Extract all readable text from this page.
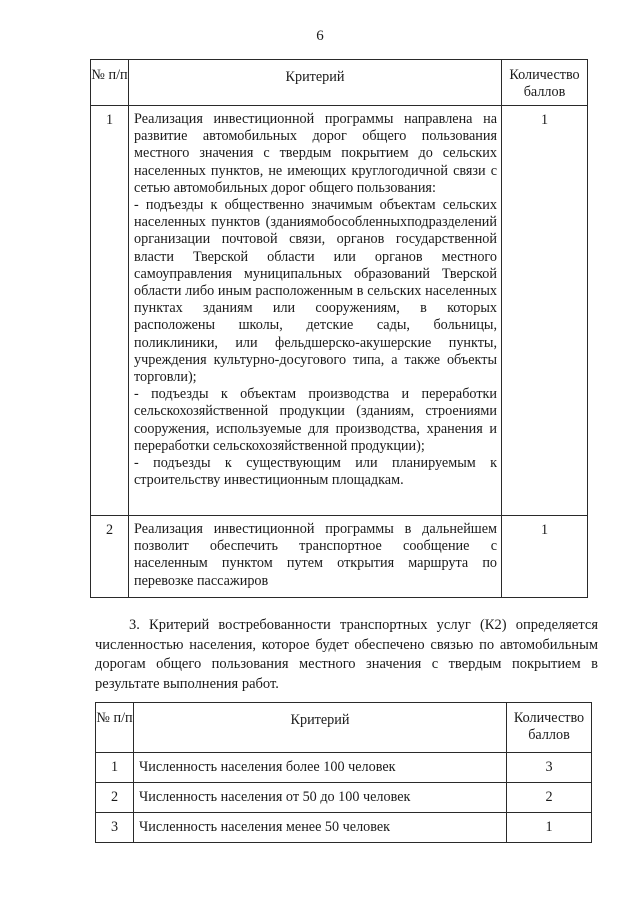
6
№ п/п	Критерий	Количество баллов
1	Реализация инвестиционной программы направлена на развитие автомобильных дорог общего пользования местного значения с твердым покрытием до сельских населенных пунктов, не имеющих круглогодичной связи с сетью автомобильных дорог общего пользования:

- подъезды к общественно значимым объектам сельских населенных пунктов (зданиямобособленныхподразделений организации почтовой связи, органов государственной власти Тверской области или органов местного самоуправления муниципальных образований Тверской области либо иным расположенным в сельских населенных пунктах зданиям или сооружениям, в которых расположены школы, детские сады, больницы, поликлиники, или фельдшерско-акушерские пункты, учреждения культурно-досугового типа, а также объекты торговли);

- подъезды к объектам производства и переработки сельскохозяйственной продукции (зданиям, строениями сооружения, используемые для производства, хранения и переработки сельскохозяйственной продукции);

- подъезды к существующим или планируемым к строительству инвестиционным площадкам.	1
2	Реализация инвестиционной программы в дальнейшем позволит обеспечить транспортное сообщение с населенным пунктом путем открытия маршрута по перевозке пассажиров	1
3. Критерий востребованности транспортных услуг (К2) определяется численностью населения, которое будет обеспечено связью по автомобильным дорогам общего пользования местного значения с твердым покрытием в результате выполнения работ.
№ п/п	Критерий	Количество баллов
1	Численность населения более 100 человек	3
2	Численность населения от 50 до 100 человек	2
3	Численность населения менее 50 человек	1
